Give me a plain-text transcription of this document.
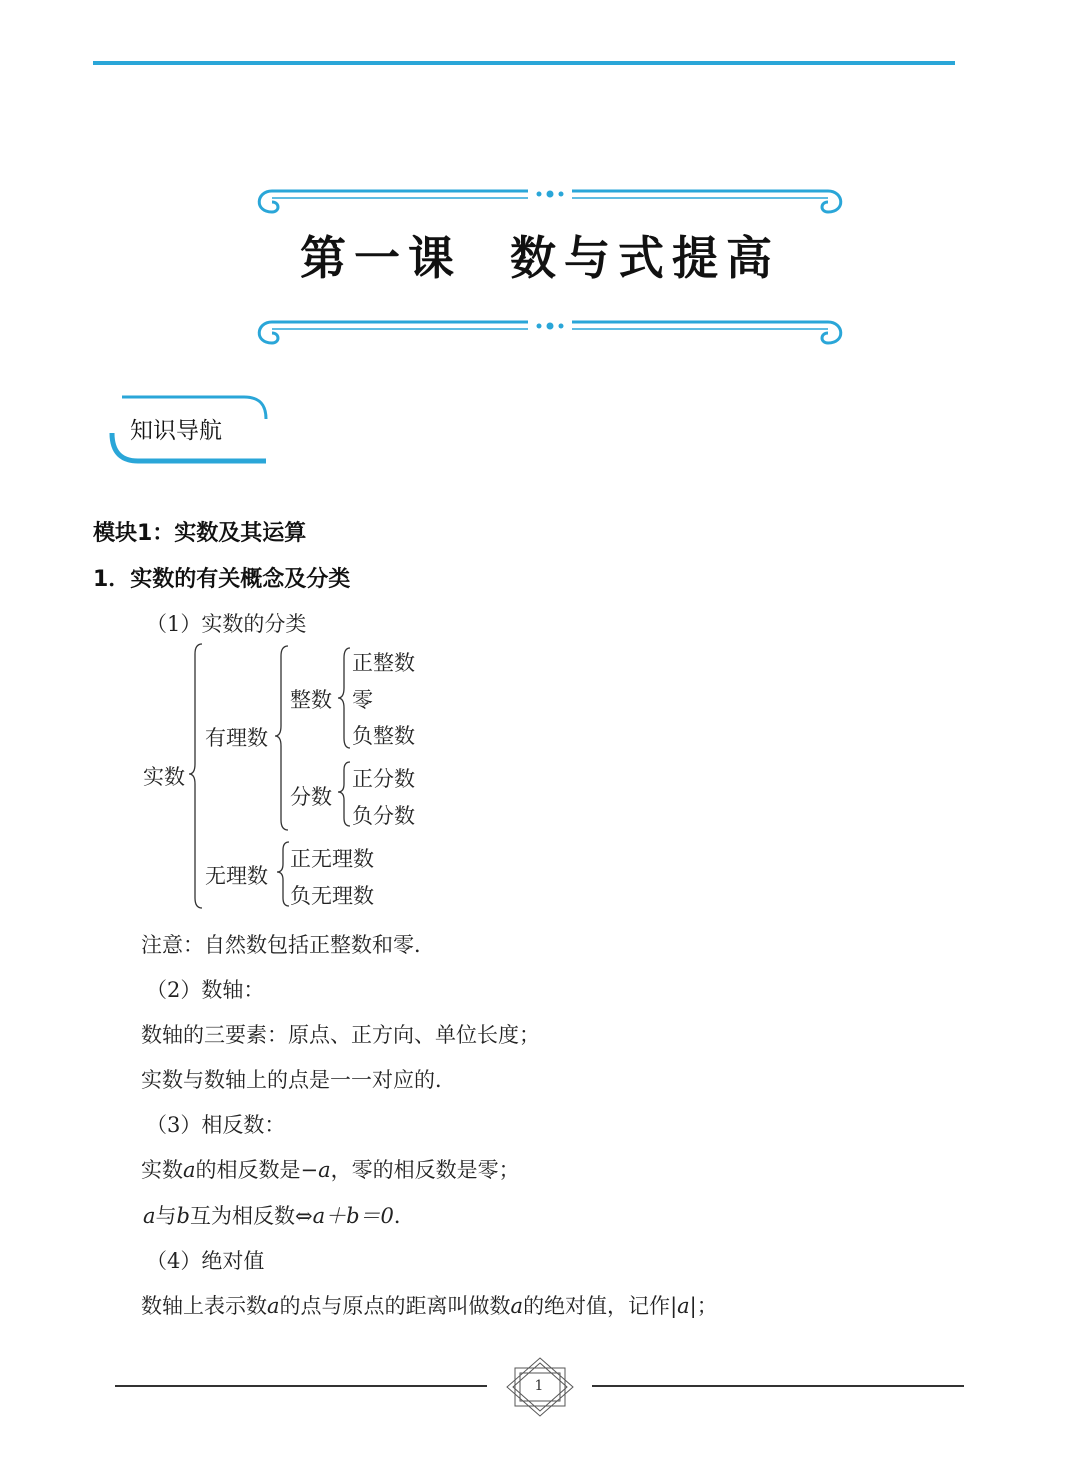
第一课 数与式提高
知识导航
模块1：实数及其运算
1．实数的有关概念及分类
（1）实数的分类
实数
有理数
整数
正整数
零
负整数
分数
正分数
负分数
无理数
正无理数
负无理数
注意：自然数包括正整数和零．
（2）数轴：
数轴的三要素：原点、正方向、单位长度；
实数与数轴上的点是一一对应的．
（3）相反数：
实数a的相反数是−a，零的相反数是零；
a与b互为相反数⇔a＋b＝0．
（4）绝对值
数轴上表示数a的点与原点的距离叫做数a的绝对值，记作|a|；
1
